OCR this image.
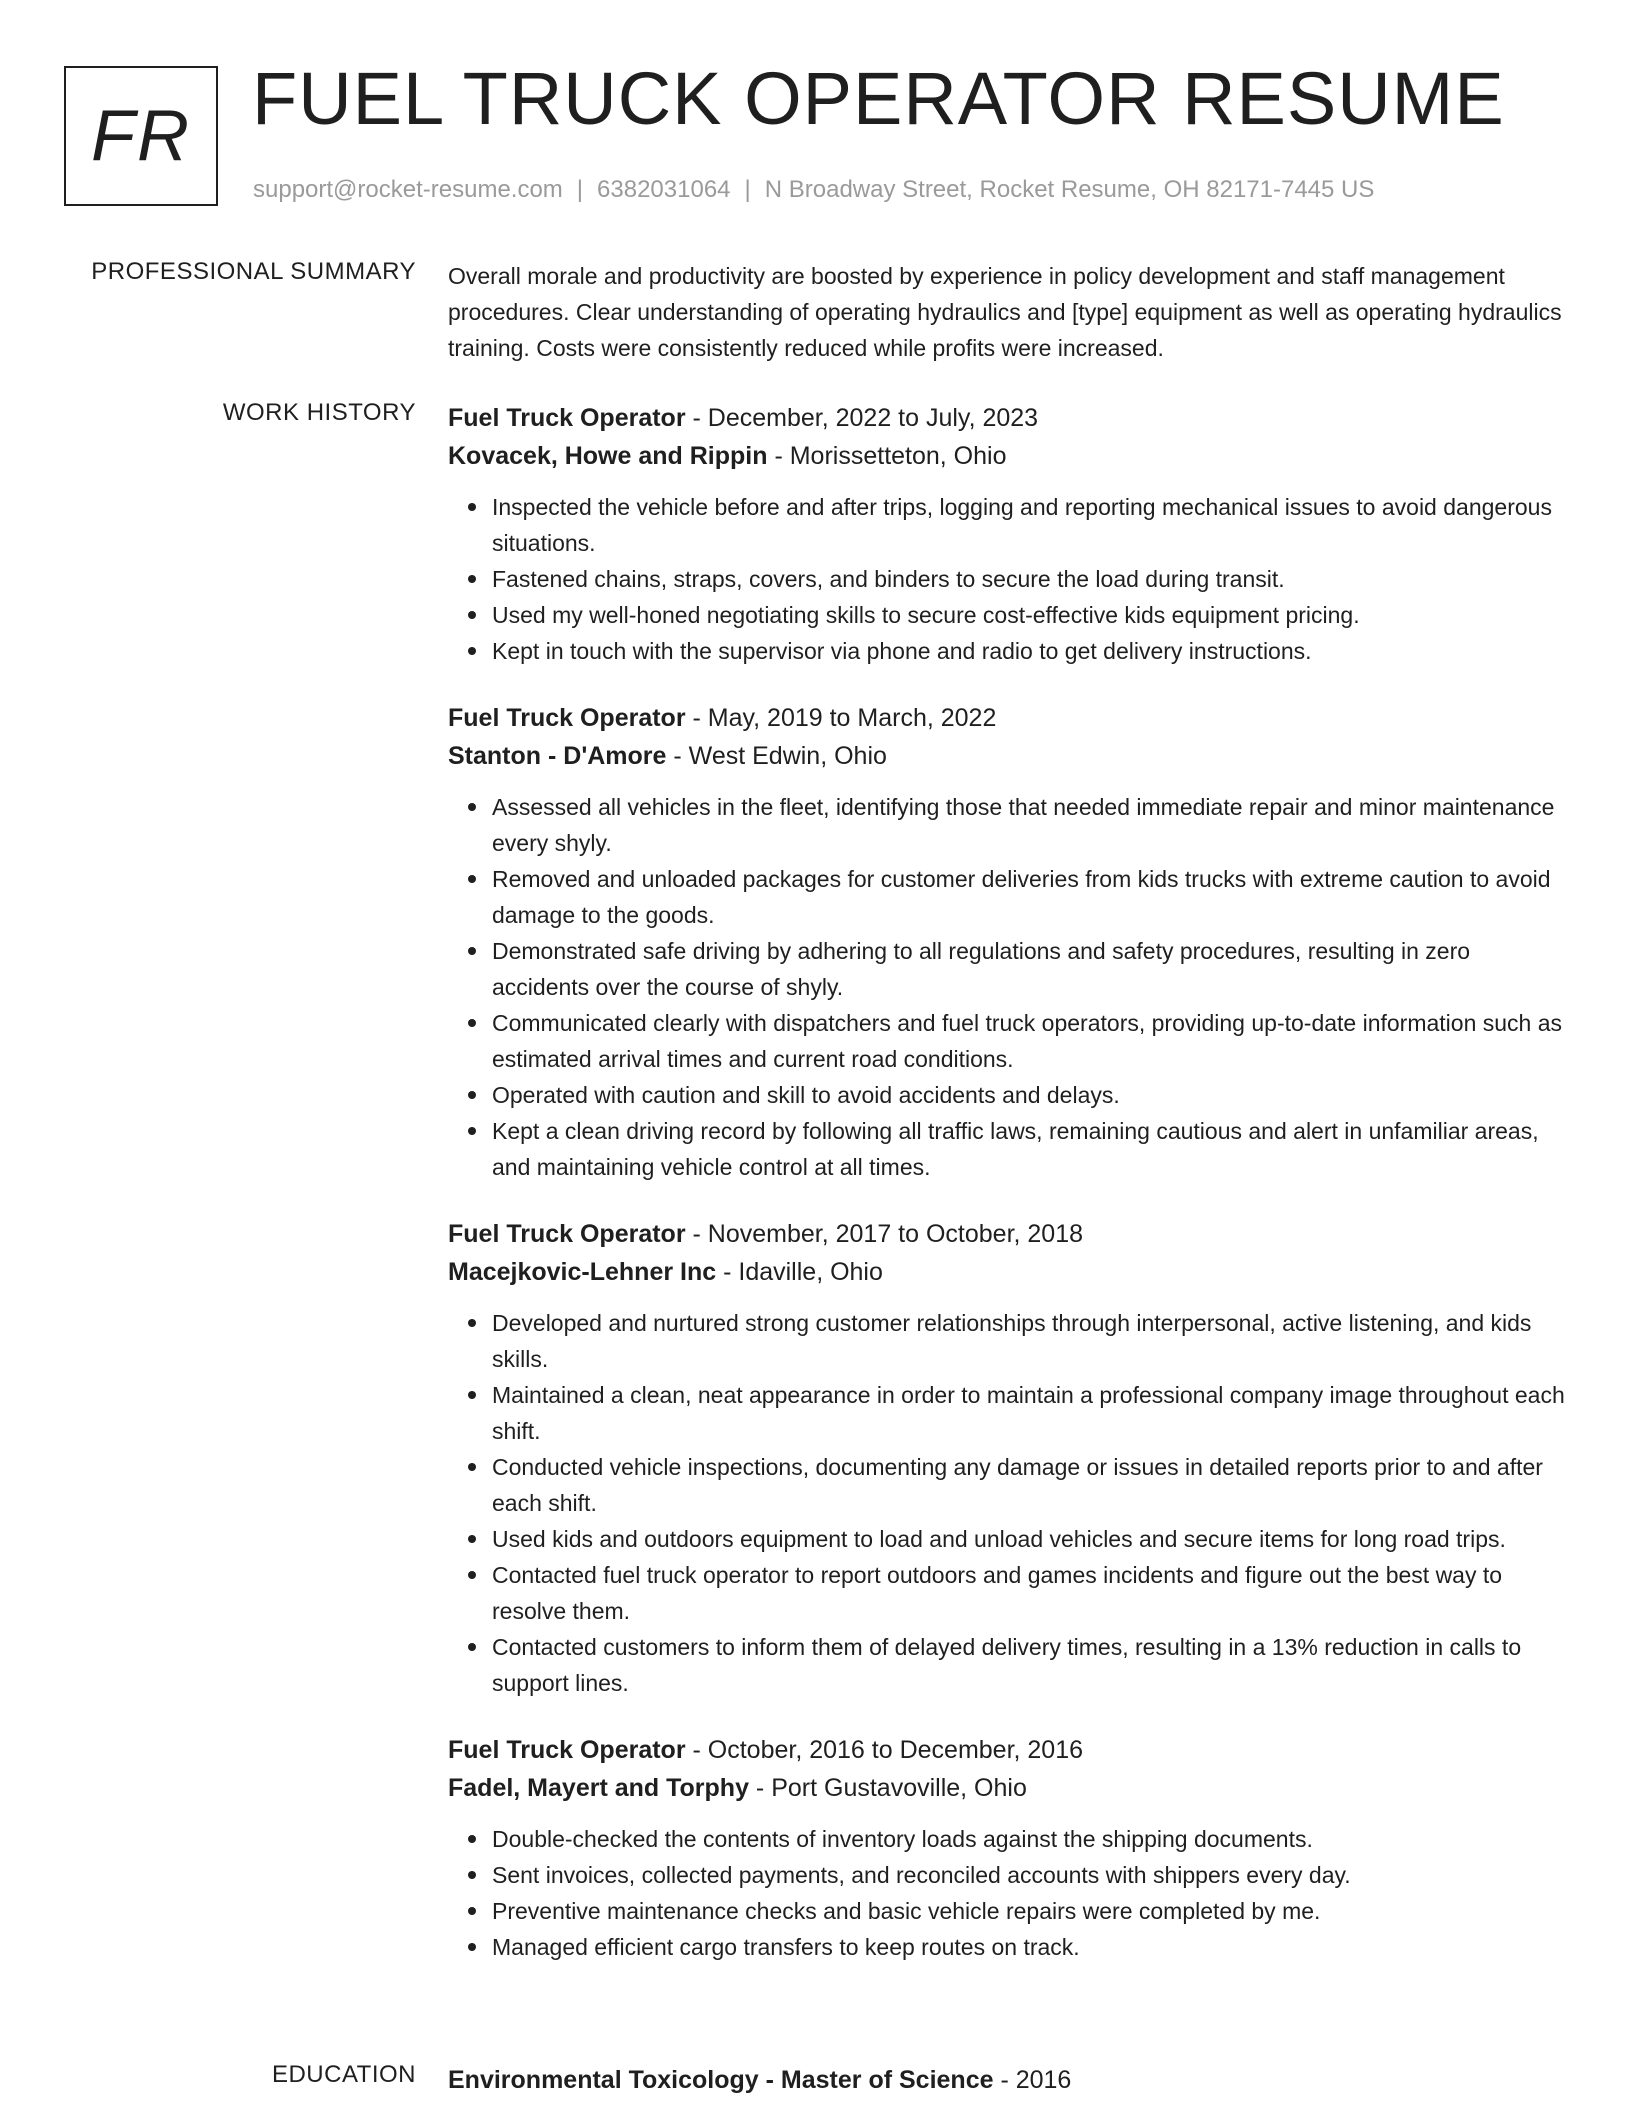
FR FUEL TRUCK OPERATOR RESUME
support@rocket-resume.com | 6382031064 | N Broadway Street, Rocket Resume, OH 82171-7445 US
PROFESSIONAL SUMMARY Overall morale and productivity are boosted by experience in policy development and staff management procedures. Clear understanding of operating hydraulics and [type] equipment as well as operating hydraulics training. Costs were consistently reduced while profits were increased.

WORK HISTORY Fuel Truck Operator - December, 2022 to July, 2023
Kovacek, Howe and Rippin - Morissetteton, Ohio
Inspected the vehicle before and after trips, logging and reporting mechanical issues to avoid dangerous situations.
Fastened chains, straps, covers, and binders to secure the load during transit.
Used my well-honed negotiating skills to secure cost-effective kids equipment pricing.
Kept in touch with the supervisor via phone and radio to get delivery instructions.
Fuel Truck Operator - May, 2019 to March, 2022
Stanton - D'Amore - West Edwin, Ohio
Assessed all vehicles in the fleet, identifying those that needed immediate repair and minor maintenance every shyly.
Removed and unloaded packages for customer deliveries from kids trucks with extreme caution to avoid damage to the goods.
Demonstrated safe driving by adhering to all regulations and safety procedures, resulting in zero accidents over the course of shyly.
Communicated clearly with dispatchers and fuel truck operators, providing up-to-date information such as estimated arrival times and current road conditions.
Operated with caution and skill to avoid accidents and delays.
Kept a clean driving record by following all traffic laws, remaining cautious and alert in unfamiliar areas, and maintaining vehicle control at all times.
Fuel Truck Operator - November, 2017 to October, 2018
Macejkovic-Lehner Inc - Idaville, Ohio
Developed and nurtured strong customer relationships through interpersonal, active listening, and kids skills.
Maintained a clean, neat appearance in order to maintain a professional company image throughout each shift.
Conducted vehicle inspections, documenting any damage or issues in detailed reports prior to and after each shift.
Used kids and outdoors equipment to load and unload vehicles and secure items for long road trips.
Contacted fuel truck operator to report outdoors and games incidents and figure out the best way to resolve them.
Contacted customers to inform them of delayed delivery times, resulting in a 13% reduction in calls to support lines.
Fuel Truck Operator - October, 2016 to December, 2016
Fadel, Mayert and Torphy - Port Gustavoville, Ohio
Double-checked the contents of inventory loads against the shipping documents.
Sent invoices, collected payments, and reconciled accounts with shippers every day.
Preventive maintenance checks and basic vehicle repairs were completed by me.
Managed efficient cargo transfers to keep routes on track.
EDUCATION Environmental Toxicology - Master of Science - 2016
